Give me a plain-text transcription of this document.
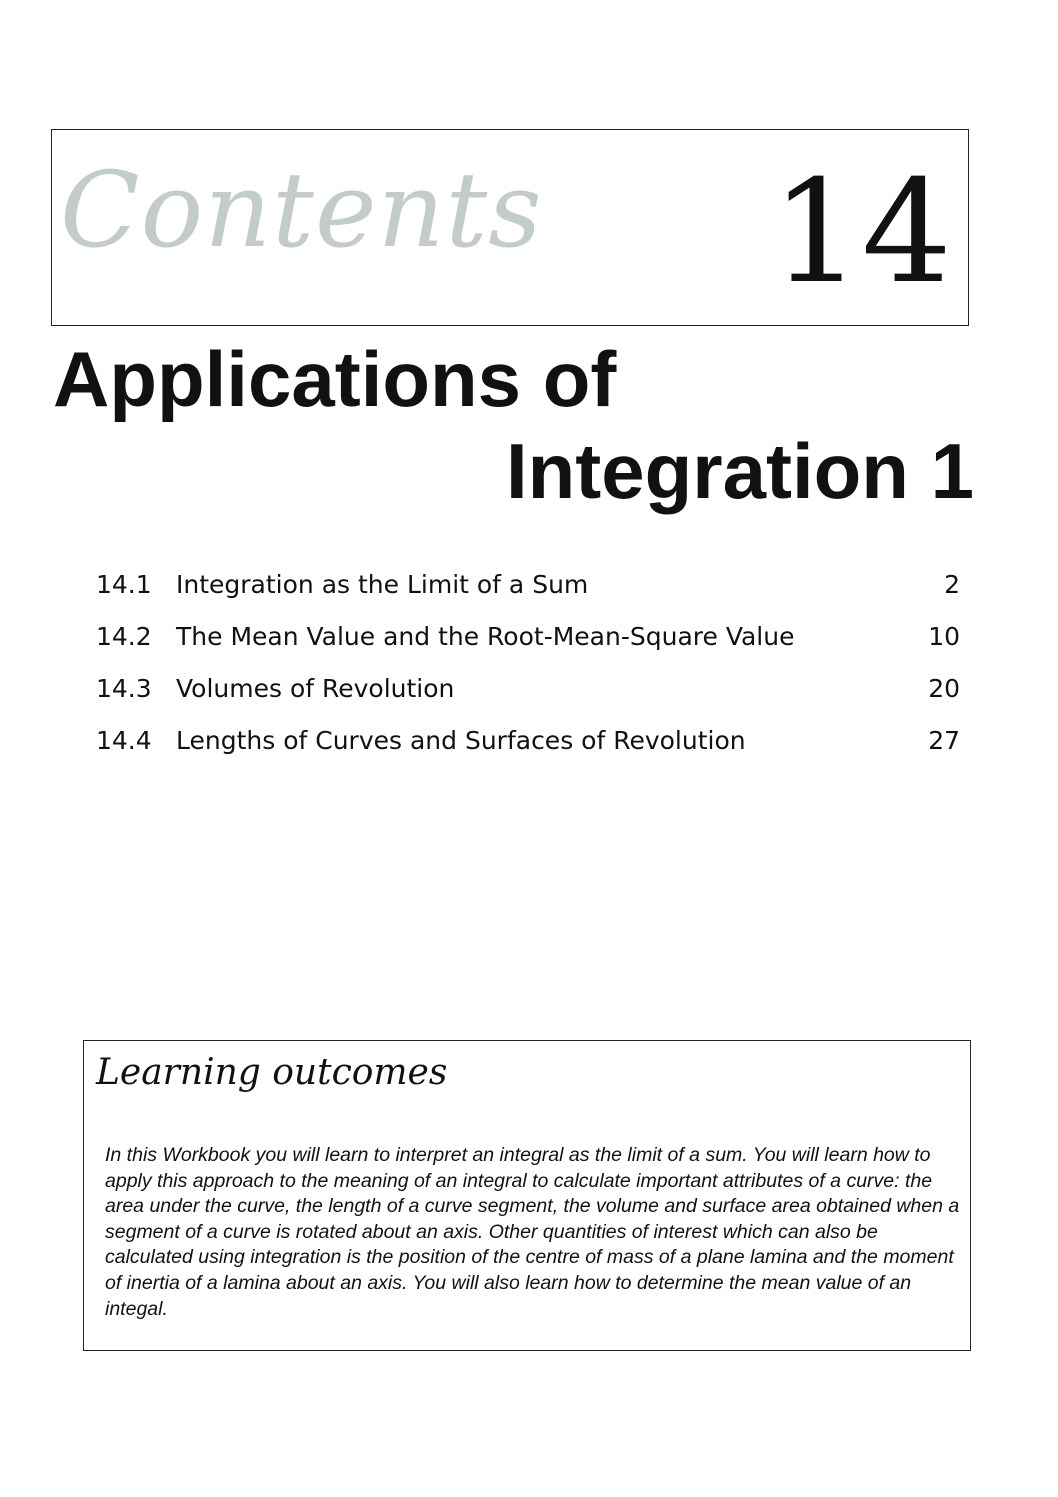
Contents 14
Applications of
Integration 1
14.1 Integration as the Limit of a Sum	2
14.2 The Mean Value and the Root-Mean-Square Value	10
14.3 Volumes of Revolution	20
14.4 Lengths of Curves and Surfaces of Revolution	27
Learning outcomes
In this Workbook you will learn to interpret an integral as the limit of a sum. You will learn how to apply this approach to the meaning of an integral to calculate important attributes of a curve: the area under the curve, the length of a curve segment, the volume and surface area obtained when a segment of a curve is rotated about an axis. Other quantities of interest which can also be calculated using integration is the position of the centre of mass of a plane lamina and the moment of inertia of a lamina about an axis. You will also learn how to determine the mean value of an integal.
